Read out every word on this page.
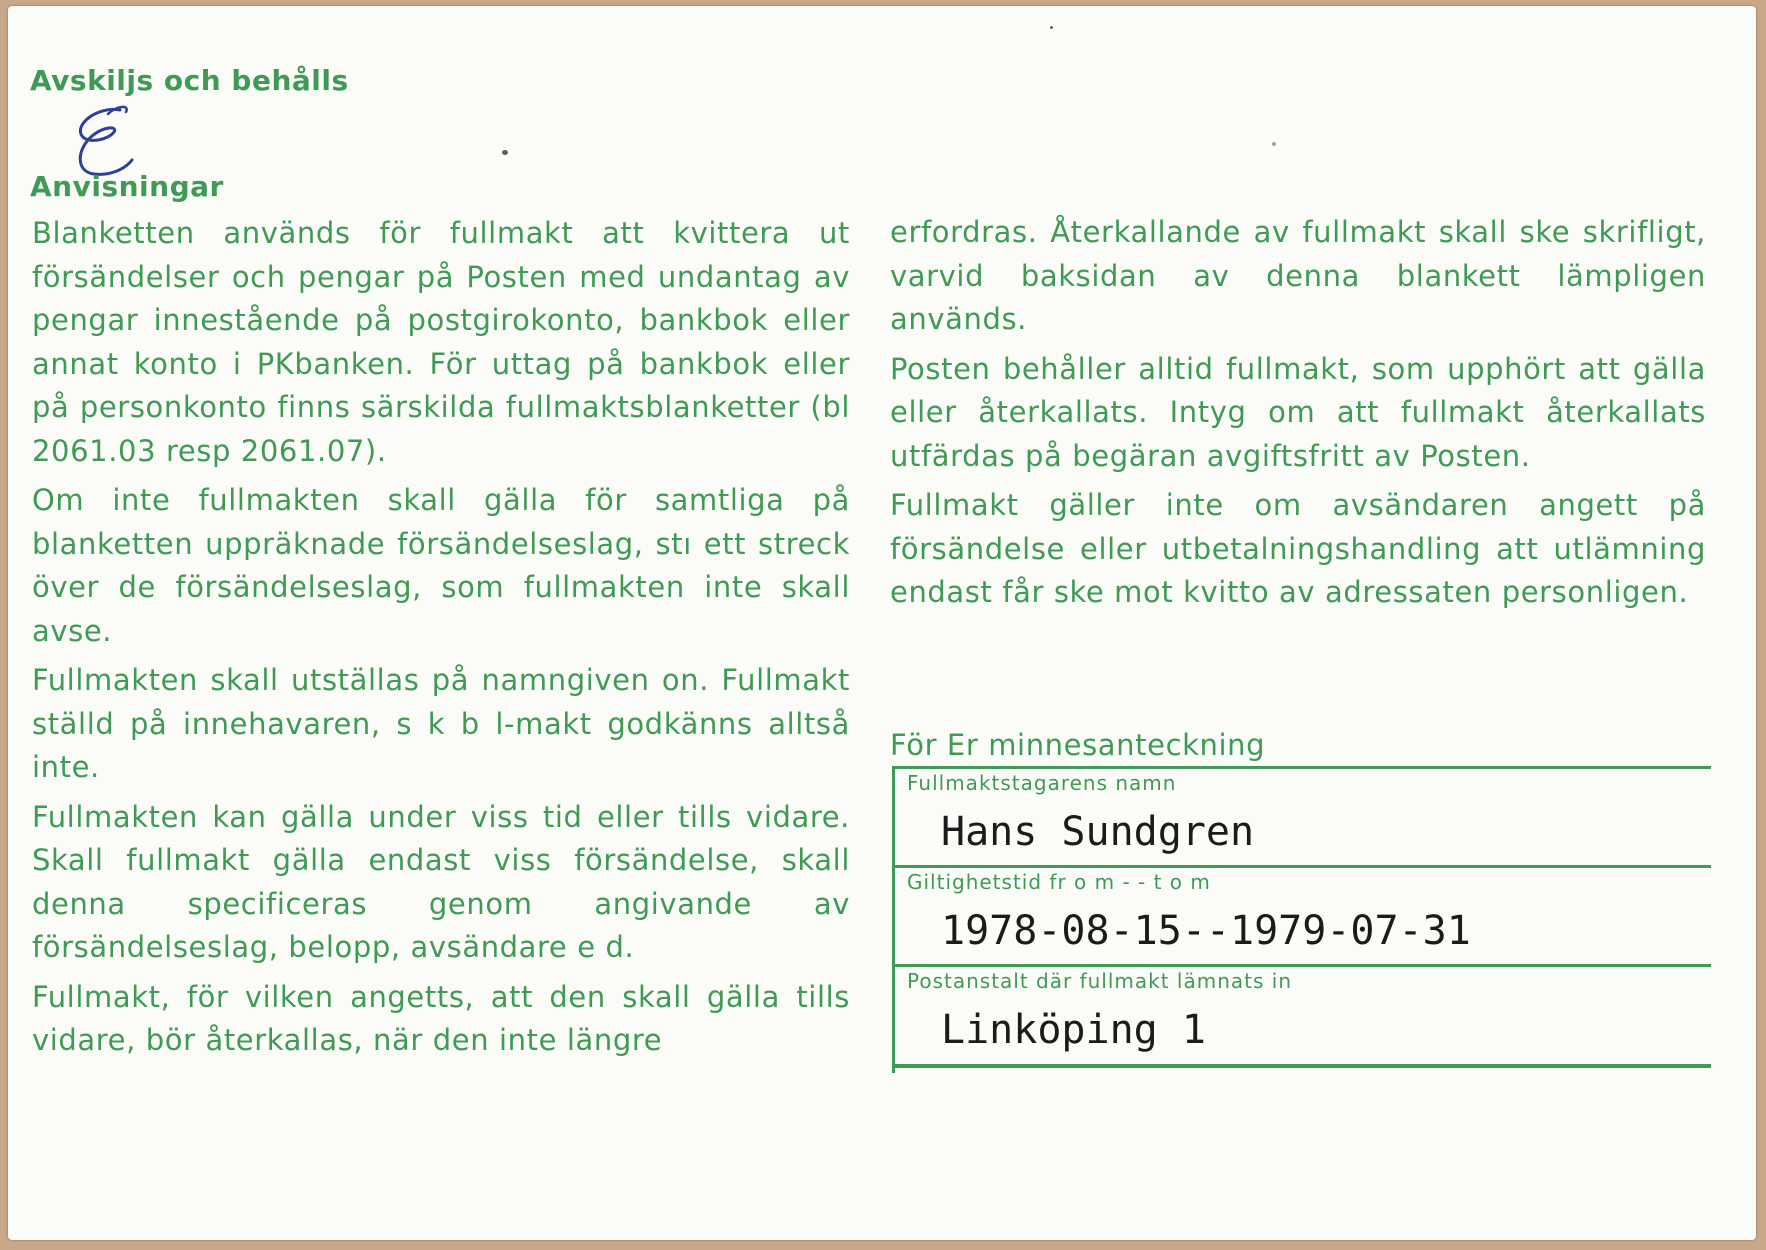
Avskiljs och behålls
Anvisningar

Blanketten används för fullmakt att kvittera ut försändelser och pengar på Posten med undantag av pengar innestående på postgirokonto, bankbok eller annat konto i PKbanken. För uttag på bankbok eller på personkonto finns särskilda fullmaktsblanketter (bl 2061.03 resp 2061.07).

Om inte fullmakten skall gälla för samtliga på blanketten uppräknade försändelseslag, stı ett streck över de försändelseslag, som fullmakten inte skall avse.

Fullmakten skall utställas på namngiven on. Fullmakt ställd på innehavaren, s k b l-makt godkänns alltså inte.

Fullmakten kan gälla under viss tid eller tills vidare. Skall fullmakt gälla endast viss försändelse, skall denna specificeras genom angivande av försändelseslag, belopp, avsändare e d.

Fullmakt, för vilken angetts, att den skall gälla tills vidare, bör återkallas, när den inte längre

erfordras. Återkallande av fullmakt skall ske skrifligt, varvid baksidan av denna blankett lämpligen används.

Posten behåller alltid fullmakt, som upphört att gälla eller återkallats. Intyg om att fullmakt återkallats utfärdas på begäran avgiftsfritt av Posten.

Fullmakt gäller inte om avsändaren angett på försändelse eller utbetalningshandling att utlämning endast får ske mot kvitto av adressaten personligen.

För Er minnesanteckning
Fullmaktstagarens namn
Hans Sundgren
Giltighetstid fr o m - - t o m
1978-08-15--1979-07-31
Postanstalt där fullmakt lämnats in
Linköping 1
